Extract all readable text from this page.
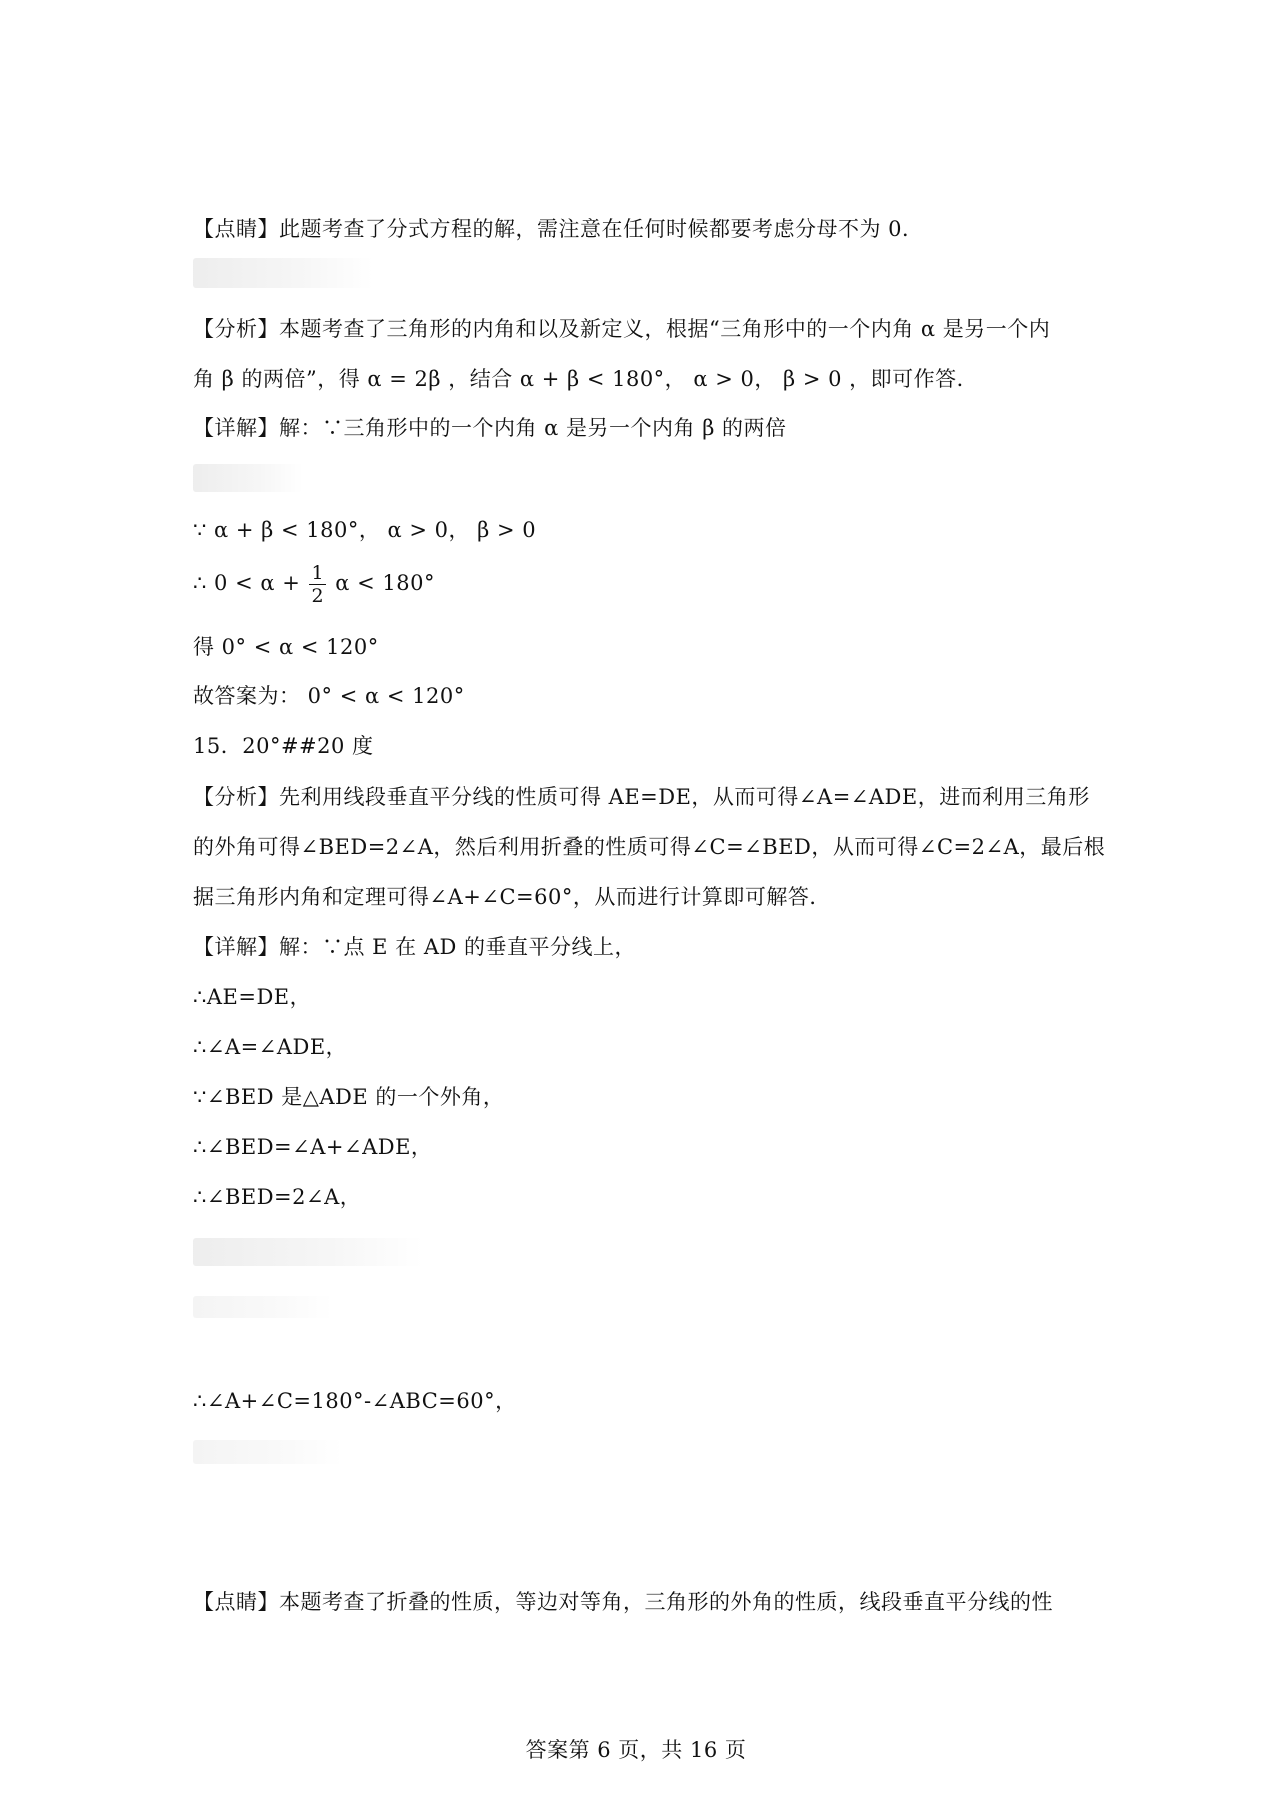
【点睛】此题考查了分式方程的解，需注意在任何时候都要考虑分母不为 0．
【分析】本题考查了三角形的内角和以及新定义，根据“三角形中的一个内角 α 是另一个内
角 β 的两倍”，得 α = 2β ，结合 α + β < 180°， α > 0， β > 0 ，即可作答．
【详解】解：∵三角形中的一个内角 α 是另一个内角 β 的两倍
∵ α + β < 180°， α > 0， β > 0
∴ $0 < \alpha + \frac{1}{2}$ α < 180°
得 0° < α < 120°
故答案为： 0° < α < 120°
15．20°##20 度
【分析】先利用线段垂直平分线的性质可得 AE=DE，从而可得∠A=∠ADE，进而利用三角形
的外角可得∠BED=2∠A，然后利用折叠的性质可得∠C=∠BED，从而可得∠C=2∠A，最后根
据三角形内角和定理可得∠A+∠C=60°，从而进行计算即可解答．
【详解】解：∵点 E 在 AD 的垂直平分线上，
∴AE=DE，
∴∠A=∠ADE，
∵∠BED 是△ADE 的一个外角，
∴∠BED=∠A+∠ADE，
∴∠BED=2∠A，
∴∠A+∠C=180°-∠ABC=60°，
【点睛】本题考查了折叠的性质，等边对等角，三角形的外角的性质，线段垂直平分线的性
答案第 6 页，共 16 页
